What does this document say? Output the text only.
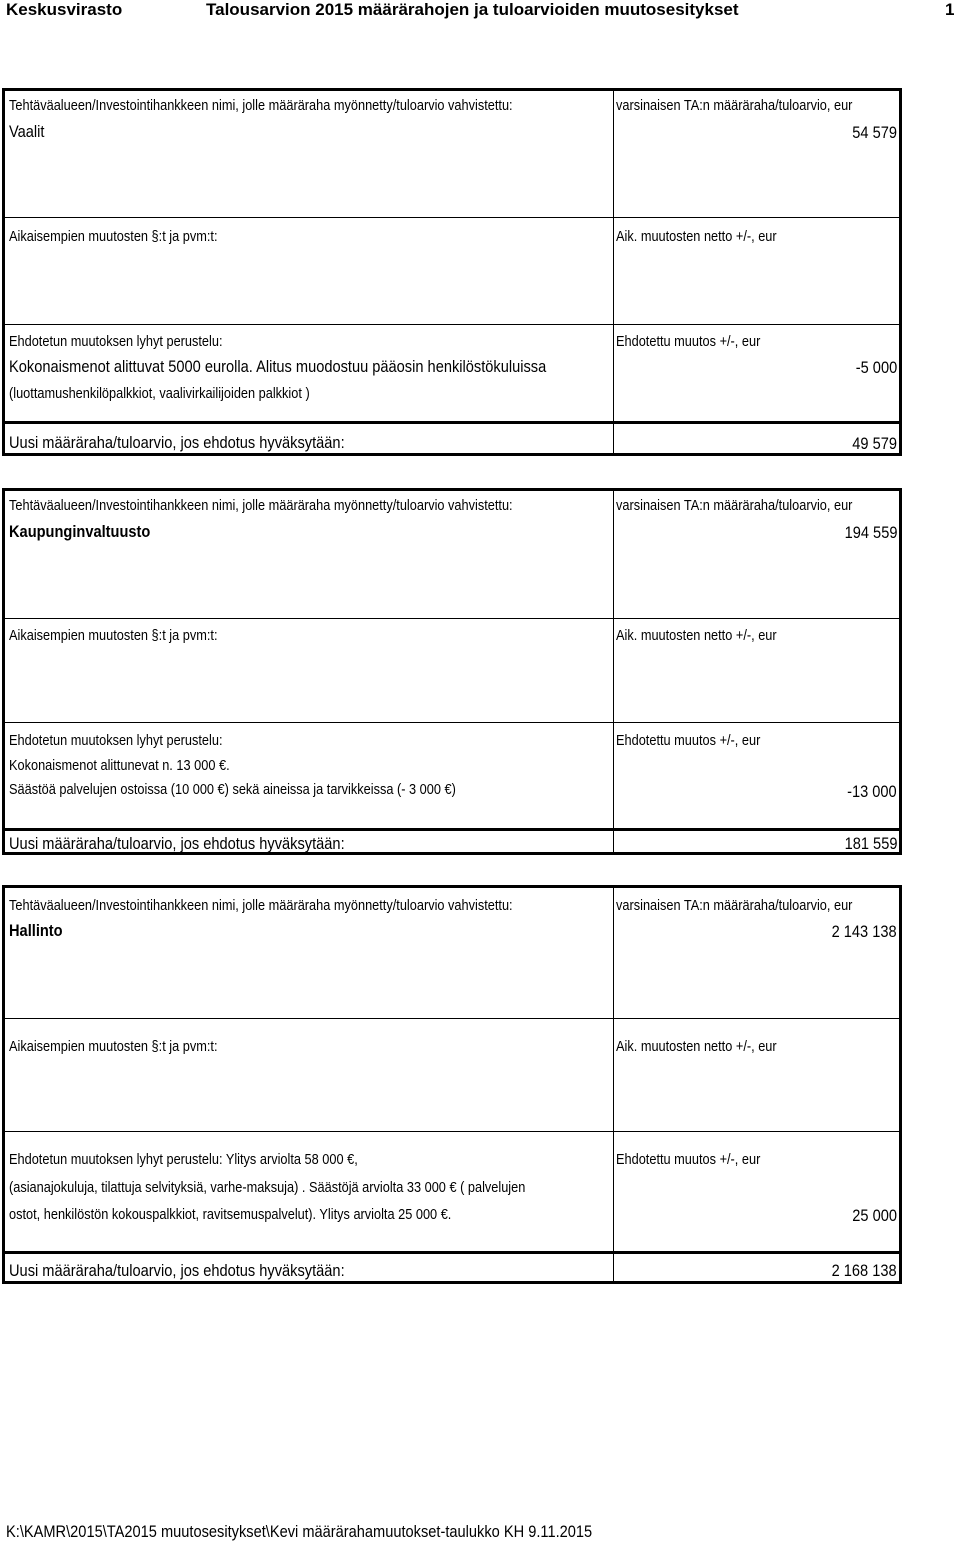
Keskusvirasto	Talousarvion 2015 määrärahojen ja tuloarvioiden muutosesitykset	1
Tehtäväalueen/Investointihankkeen nimi, jolle määräraha myönnetty/tuloarvio vahvistettu:	varsinaisen TA:n määräraha/tuloarvio, eur
Vaalit	54 579
Aikaisempien muutosten §:t ja pvm:t:	Aik. muutosten netto +/-, eur
Ehdotetun muutoksen lyhyt perustelu:	Ehdotettu muutos +/-, eur
Kokonaismenot alittuvat 5000 eurolla. Alitus muodostuu pääosin henkilöstökuluissa	-5 000
(luottamushenkilöpalkkiot, vaalivirkailijoiden palkkiot )
Uusi määräraha/tuloarvio, jos ehdotus hyväksytään:	49 579
Tehtäväalueen/Investointihankkeen nimi, jolle määräraha myönnetty/tuloarvio vahvistettu:	varsinaisen TA:n määräraha/tuloarvio, eur
Kaupunginvaltuusto	194 559
Aikaisempien muutosten §:t ja pvm:t:	Aik. muutosten netto +/-, eur
Ehdotetun muutoksen lyhyt perustelu:	Ehdotettu muutos +/-, eur
Kokonaismenot alittunevat n. 13 000 €.
Säästöä palvelujen ostoissa (10 000 €) sekä aineissa ja tarvikkeissa (- 3 000 €)	-13 000
Uusi määräraha/tuloarvio, jos ehdotus hyväksytään:	181 559
Tehtäväalueen/Investointihankkeen nimi, jolle määräraha myönnetty/tuloarvio vahvistettu:	varsinaisen TA:n määräraha/tuloarvio, eur
Hallinto	2 143 138
Aikaisempien muutosten §:t ja pvm:t:	Aik. muutosten netto +/-, eur
Ehdotetun muutoksen lyhyt perustelu: Ylitys arviolta 58 000 €,	Ehdotettu muutos +/-, eur
(asianajokuluja, tilattuja selvityksiä, varhe-maksuja) . Säästöjä arviolta 33 000 € ( palvelujen
ostot, henkilöstön kokouspalkkiot, ravitsemuspalvelut). Ylitys arviolta 25 000 €.	25 000
Uusi määräraha/tuloarvio, jos ehdotus hyväksytään:	2 168 138
K:\KAMR\2015\TA2015 muutosesitykset\Kevi määrärahamuutokset-taulukko KH 9.11.2015
